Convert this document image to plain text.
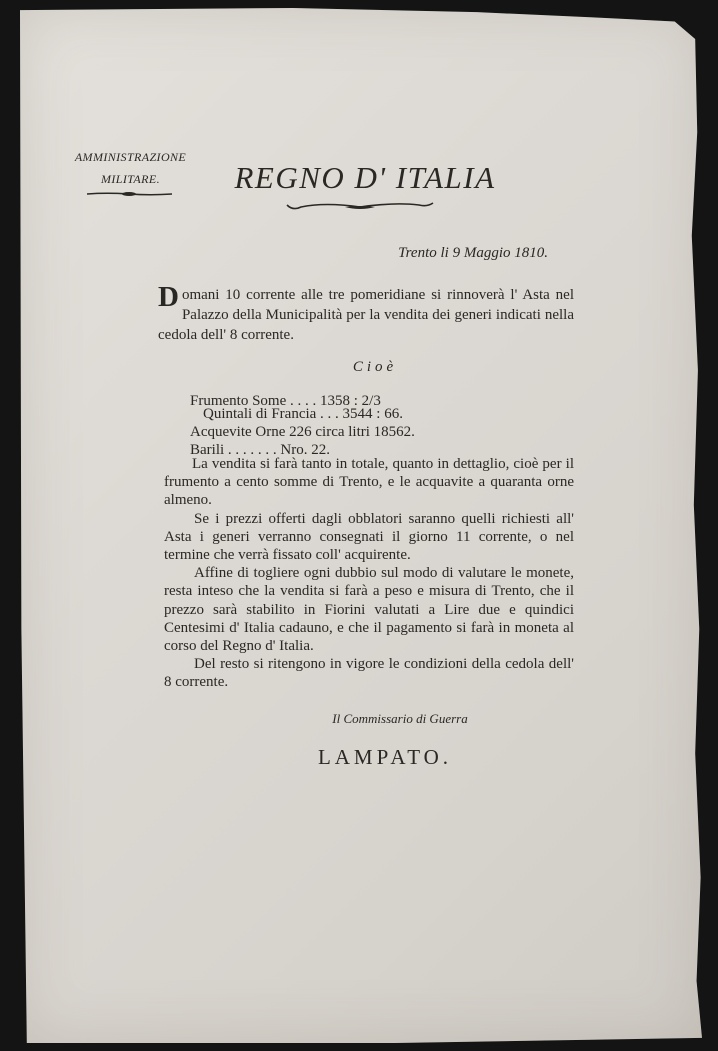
AMMINISTRAZIONE
MILITARE.	REGNO D' ITALIA

Trento li 9 Maggio 1810.

Domani 10 corrente alle tre pomeridiane si rinnoverà l' Asta nel Palazzo della Municipalità per la vendita dei generi indicati nella cedola dell' 8 corrente.

Cioè

Frumento Some . . . . 1358 : 2/3
Quintali di Francia . . . 3544 : 66.
Acquevite Orne 226 circa litri 18562.
Barili . . . . . . . Nro. 22.

La vendita si farà tanto in totale, quanto in dettaglio, cioè per il frumento a cento somme di Trento, e le acquavite a quaranta orne almeno.

Se i prezzi offerti dagli obblatori saranno quelli richiesti all' Asta i generi verranno consegnati il giorno 11 corrente, o nel termine che verrà fissato coll' acquirente.

Affine di togliere ogni dubbio sul modo di valutare le monete, resta inteso che la vendita si farà a peso e misura di Trento, che il prezzo sarà stabilito in Fiorini valutati a Lire due e quindici Centesimi d' Italia cadauno, e che il pagamento si farà in moneta al corso del Regno d' Italia.

Del resto si ritengono in vigore le condizioni della cedola dell' 8 corrente.

Il Commissario di Guerra

LAMPATO.
